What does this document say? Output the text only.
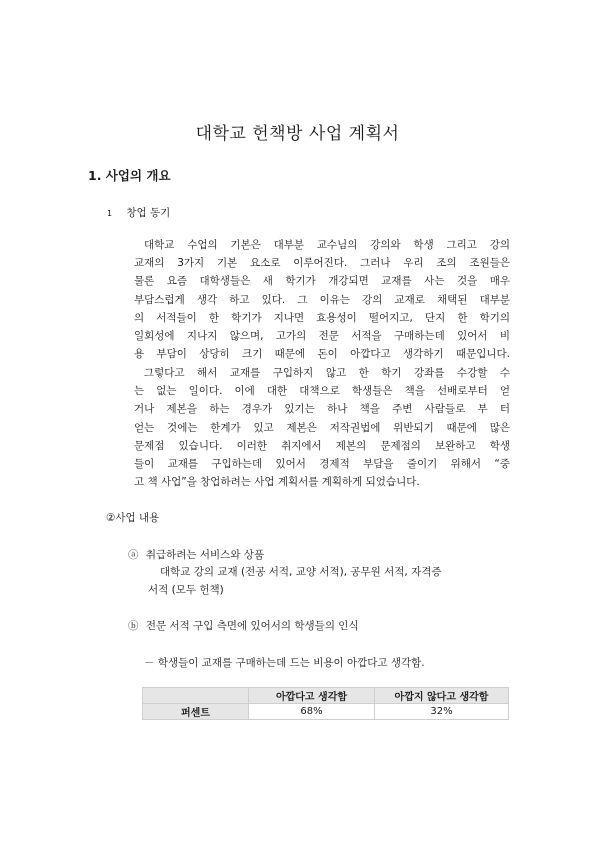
대학교 헌책방 사업 계획서
1. 사업의 개요
1 창업 동기
대학교 수업의 기본은 대부분 교수님의 강의와 학생 그리고 강의
교재의 3가지 기본 요소로 이루어진다. 그러나 우리 조의 조원들은
물론 요즘 대학생들은 새 학기가 개강되면 교재를 사는 것을 매우
부담스럽게 생각 하고 있다. 그 이유는 강의 교재로 채택된 대부분
의 서적들이 한 학기가 지나면 효용성이 떨어지고, 단지 한 학기의
일회성에 지나지 않으며, 고가의 전문 서적을 구매하는데 있어서 비
용 부담이 상당히 크기 때문에 돈이 아깝다고 생각하기 때문입니다.
그렇다고 해서 교재를 구입하지 않고 한 학기 강좌를 수강할 수
는 없는 일이다. 이에 대한 대책으로 학생들은 책을 선배로부터 얻
거나 제본을 하는 경우가 있기는 하나 책을 주변 사람들로 부 터
얻는 것에는 한계가 있고 제본은 저작권법에 위반되기 때문에 많은
문제점 있습니다. 이러한 취지에서 제본의 문제점의 보완하고 학생
들이 교재를 구입하는데 있어서 경제적 부담을 줄이기 위해서 “중
고 책 사업”을 창업하려는 사업 계획서를 계획하게 되었습니다.
②사업 내용
ⓐ 취급하려는 서비스와 상품
대학교 강의 교재 (전공 서적, 교양 서적), 공무원 서적, 자격증
서적 (모두 헌책)
ⓑ 전문 서적 구입 측면에 있어서의 학생들의 인식
－ 학생들이 교재를 구매하는데 드는 비용이 아깝다고 생각함.
	아깝다고 생각함	아깝지 않다고 생각함
퍼센트	68%	32%
